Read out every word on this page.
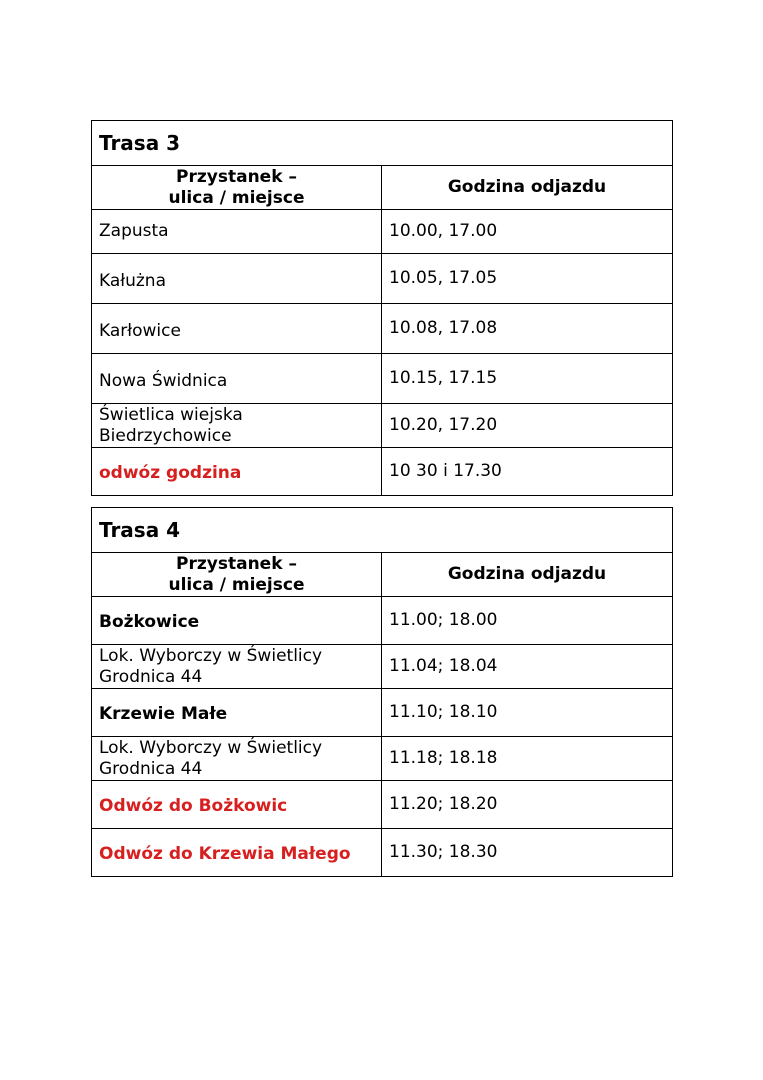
Trasa 3	
Przystanek –
ulica / miejsce	Godzina odjazdu
Zapusta	10.00, 17.00
Kałużna	10.05, 17.05
Karłowice	10.08, 17.08
Nowa Świdnica	10.15, 17.15
Świetlica wiejska
Biedrzychowice	10.20, 17.20
odwóz godzina	10 30 i 17.30
Trasa 4	
Przystanek –
ulica / miejsce	Godzina odjazdu
Bożkowice	11.00; 18.00
Lok. Wyborczy w Świetlicy
Grodnica 44	11.04; 18.04
Krzewie Małe	11.10; 18.10
Lok. Wyborczy w Świetlicy
Grodnica 44	11.18; 18.18
Odwóz do Bożkowic	11.20; 18.20
Odwóz do Krzewia Małego	11.30; 18.30
